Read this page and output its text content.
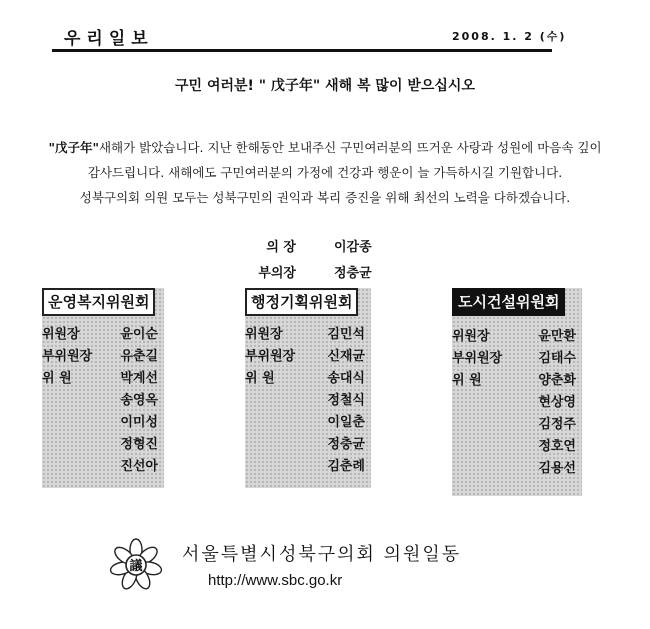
우리일보	2008. 1. 2 (수)
구민 여러분! " 戊子年" 새해 복 많이 받으십시오
"戊子年"새해가 밝았습니다. 지난 한해동안 보내주신 구민여러분의 뜨거운 사랑과 성원에 마음속 깊이
감사드립니다. 새해에도 구민여러분의 가정에 건강과 행운이 늘 가득하시길 기원합니다.
성북구의회 의원 모두는 성북구민의 권익과 복리 증진을 위해 최선의 노력을 다하겠습니다.
의 장	이감종
부의장	정충균
운영복지위원회
위원장	윤이순
부위원장	유춘길
위 원	박계선
송영옥
이미성
정형진
진선아
행정기획위원회
위원장	김민석
부위원장	신재균
위 원	송대식
정철식
이일춘
정충균
김춘례
도시건설위원회
위원장	윤만환
부위원장	김태수
위 원	양춘화
현상영
김정주
정호연
김용선
議
서울특별시성북구의회 의원일동
http://www.sbc.go.kr
